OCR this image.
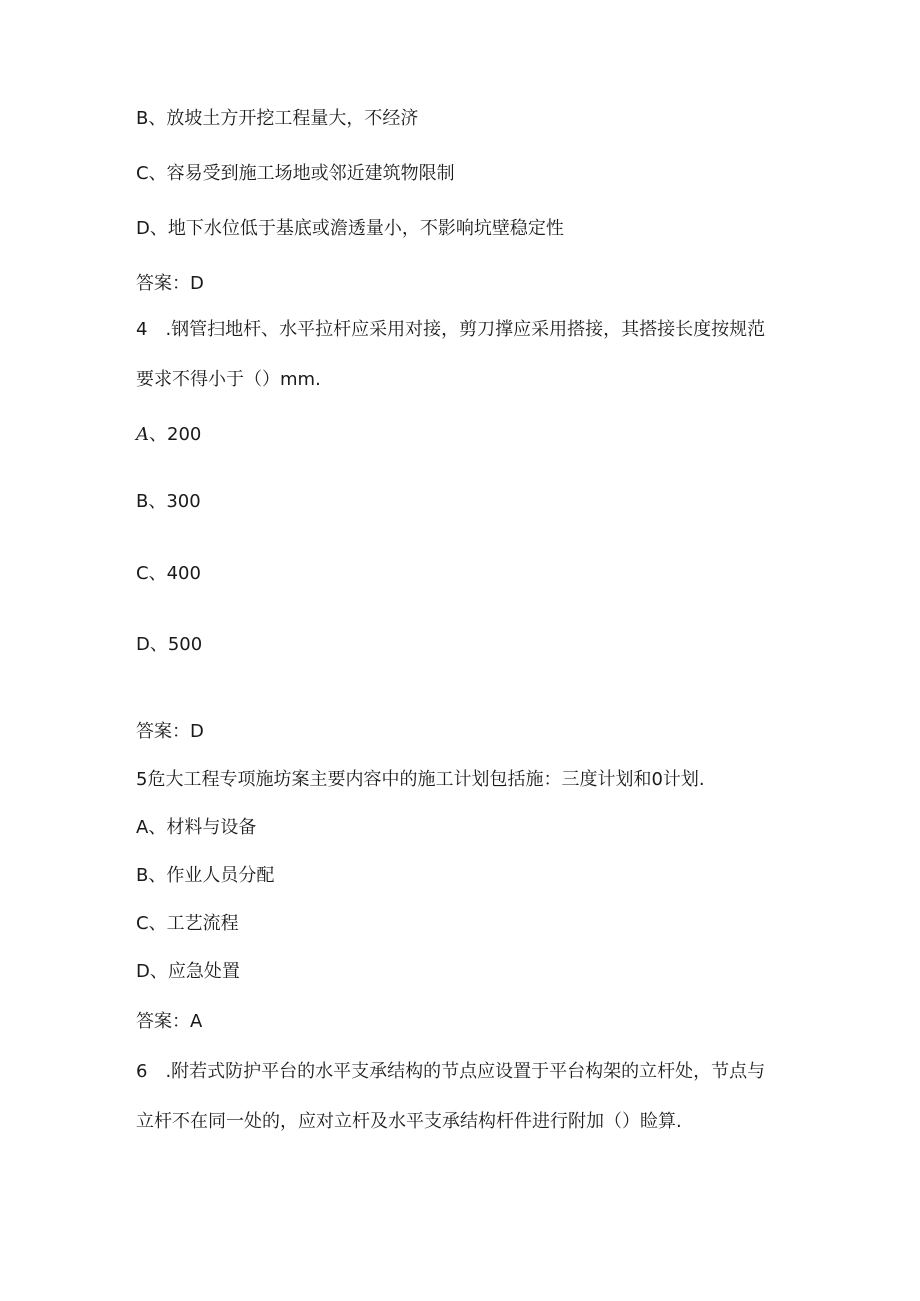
B、放坡土方开挖工程量大，不经济

C、容易受到施工场地或邻近建筑物限制

D、地下水位低于基底或澹透量小，不影响坑壁稳定性

答案：D

4　.钢管扫地杆、水平拉杆应采用对接，剪刀撑应采用搭接，其搭接长度按规范

要求不得小于（）mm.

A、200

B、300

C、400

D、500

答案：D

5危大工程专项施坊案主要内容中的施工计划包括施：三度计划和0计划.

A、材料与设备

B、作业人员分配

C、工艺流程

D、应急处置

答案：A

6　.附若式防护平台的水平支承结构的节点应设置于平台构架的立杆处，节点与

立杆不在同一处的，应对立杆及水平支承结构杆件进行附加（）睑算.
